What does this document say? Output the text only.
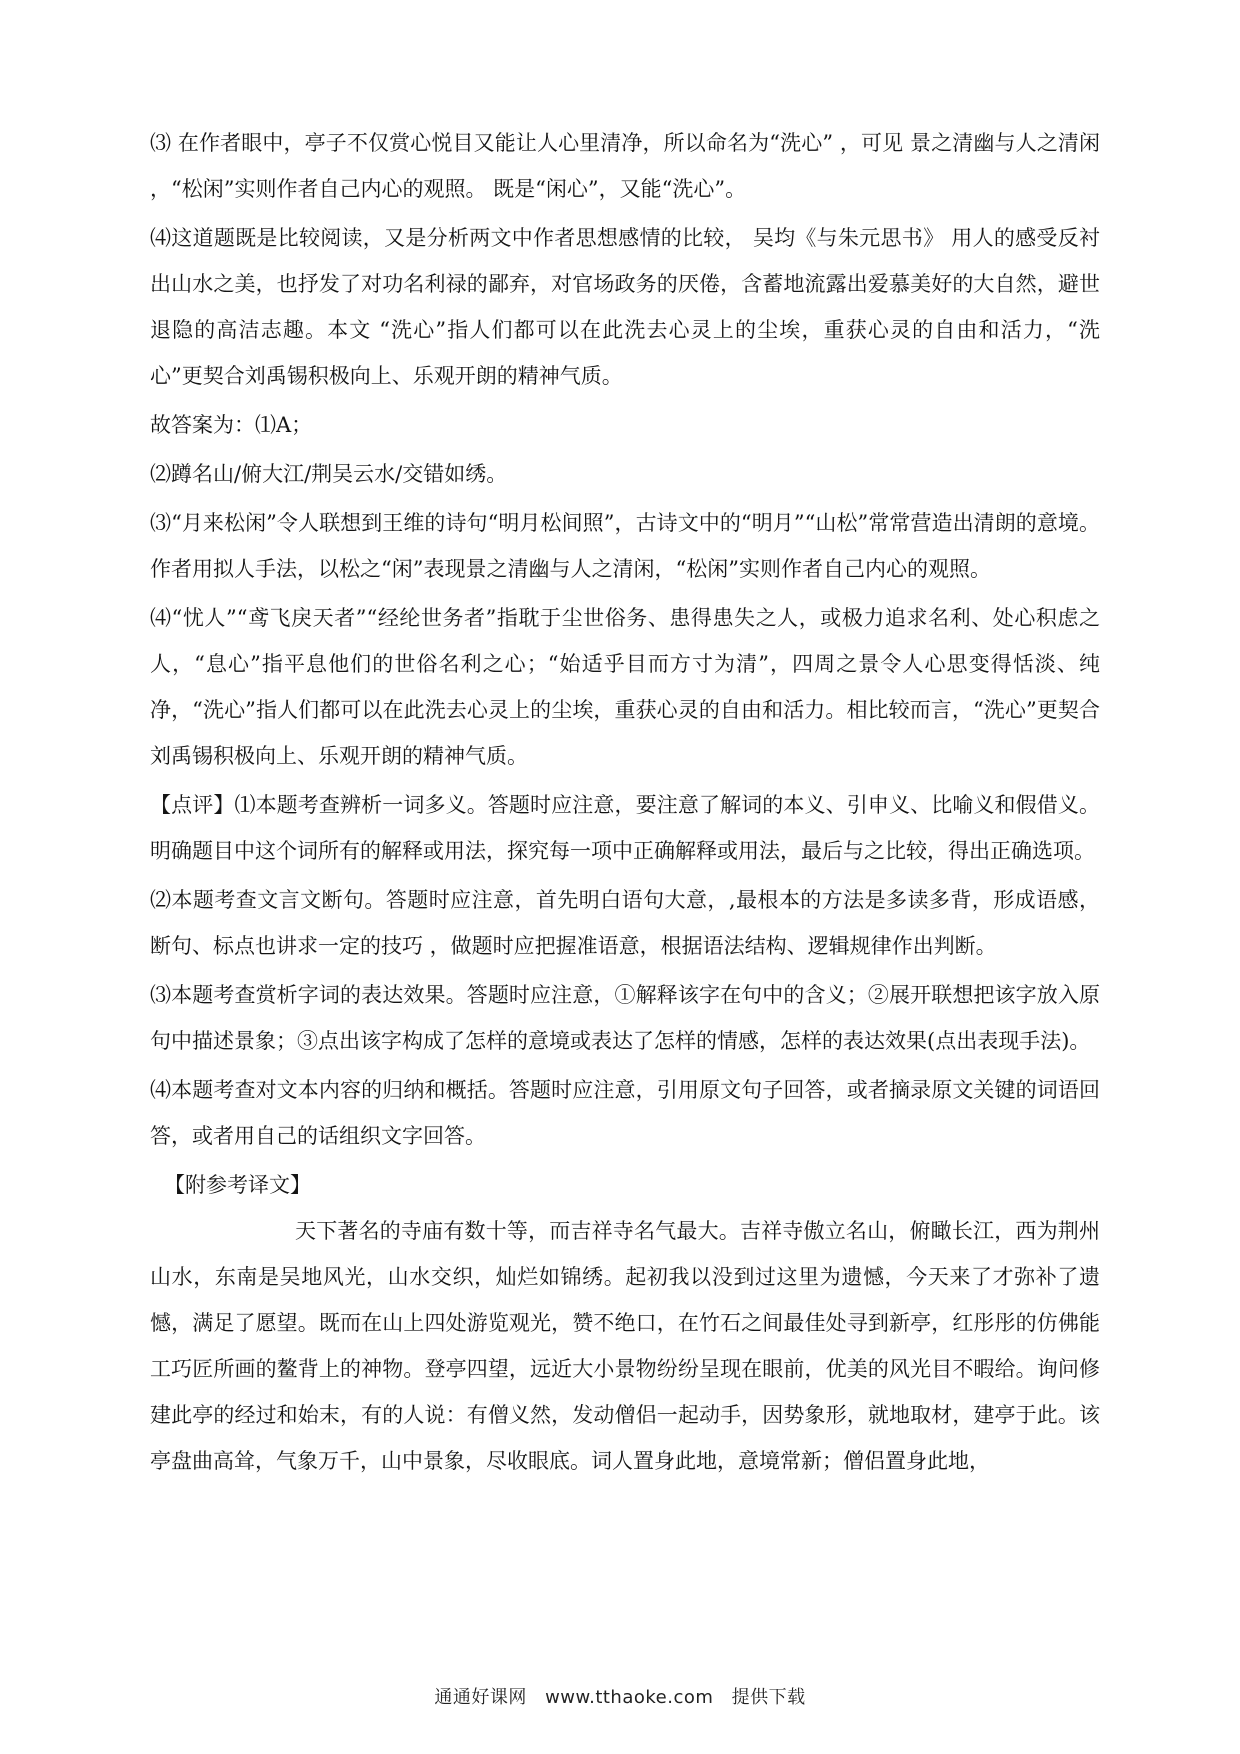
⑶ 在作者眼中，亭子不仅赏心悦目又能让人心里清净，所以命名为“洗心” ，可见 景之清幽与人之清闲 ，“松闲”实则作者自己内心的观照。 既是“闲心”，又能“洗心”。

⑷这道题既是比较阅读，又是分析两文中作者思想感情的比较， 吴均《与朱元思书》 用人的感受反衬出山水之美，也抒发了对功名利禄的鄙弃，对官场政务的厌倦，含蓄地流露出爱慕美好的大自然，避世退隐的高洁志趣。本文 “洗心”指人们都可以在此洗去心灵上的尘埃，重获心灵的自由和活力，“洗心”更契合刘禹锡积极向上、乐观开朗的精神气质。

故答案为：⑴A；

⑵蹲名山/俯大江/荆吴云水/交错如绣。

⑶“月来松闲”令人联想到王维的诗句“明月松间照”，古诗文中的“明月”“山松”常常营造出清朗的意境。作者用拟人手法，以松之“闲”表现景之清幽与人之清闲，“松闲”实则作者自己内心的观照。

⑷“忧人”“鸢飞戾天者”“经纶世务者”指耽于尘世俗务、患得患失之人，或极力追求名利、处心积虑之人，“息心”指平息他们的世俗名利之心；“始适乎目而方寸为清”，四周之景令人心思变得恬淡、纯净，“洗心”指人们都可以在此洗去心灵上的尘埃，重获心灵的自由和活力。相比较而言，“洗心”更契合刘禹锡积极向上、乐观开朗的精神气质。

【点评】⑴本题考查辨析一词多义。答题时应注意，要注意了解词的本义、引申义、比喻义和假借义。明确题目中这个词所有的解释或用法，探究每一项中正确解释或用法，最后与之比较，得出正确选项。

⑵本题考查文言文断句。答题时应注意，首先明白语句大意，,最根本的方法是多读多背，形成语感，断句、标点也讲求一定的技巧 ，做题时应把握准语意，根据语法结构、逻辑规律作出判断。

⑶本题考查赏析字词的表达效果。答题时应注意，①解释该字在句中的含义；②展开联想把该字放入原句中描述景象；③点出该字构成了怎样的意境或表达了怎样的情感，怎样的表达效果(点出表现手法)。

⑷本题考查对文本内容的归纳和概括。答题时应注意，引用原文句子回答，或者摘录原文关键的词语回答，或者用自己的话组织文字回答。

【附参考译文】

天下著名的寺庙有数十等，而吉祥寺名气最大。吉祥寺傲立名山，俯瞰长江，西为荆州山水，东南是吴地风光，山水交织，灿烂如锦绣。起初我以没到过这里为遗憾，今天来了才弥补了遗憾，满足了愿望。既而在山上四处游览观光，赞不绝口，在竹石之间最佳处寻到新亭，红彤彤的仿佛能工巧匠所画的鳌背上的神物。登亭四望，远近大小景物纷纷呈现在眼前，优美的风光目不暇给。询问修建此亭的经过和始末，有的人说：有僧义然，发动僧侣一起动手，因势象形，就地取材，建亭于此。该亭盘曲高耸，气象万千，山中景象，尽收眼底。词人置身此地，意境常新；僧侣置身此地，

通通好课网 www.tthaoke.com 提供下载
